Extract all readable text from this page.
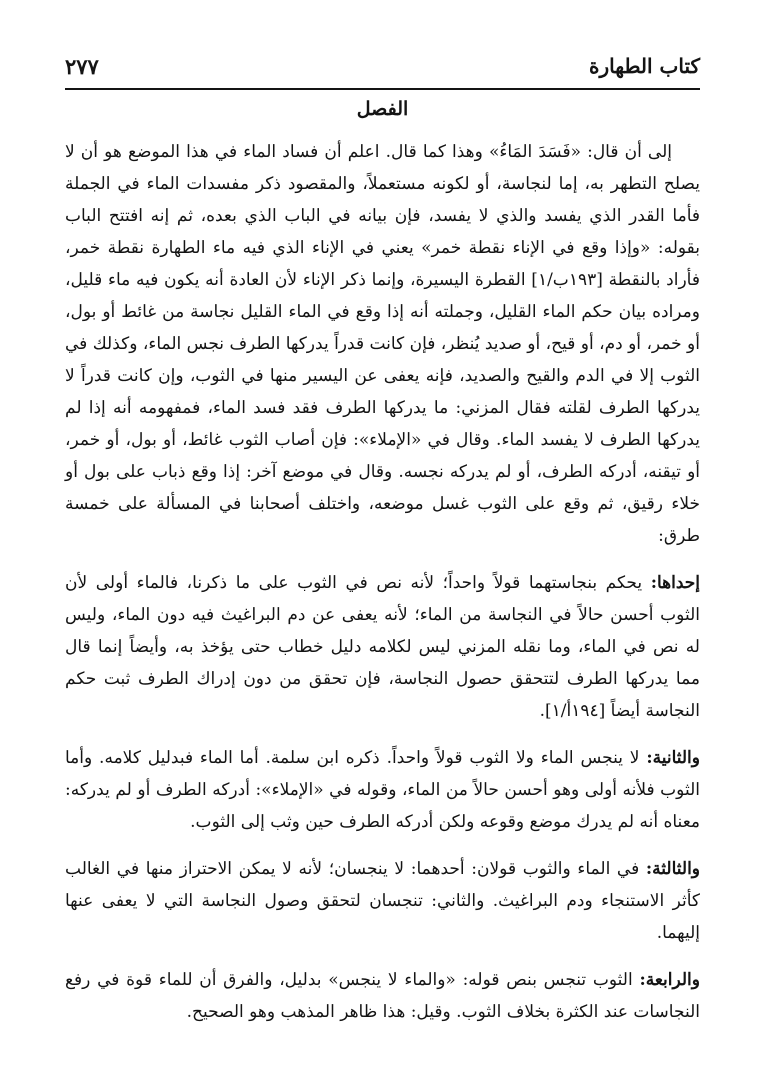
كتاب الطهارة
٢٧٧
الفصل

إلى أن قال: «فَسَدَ المَاءُ» وهذا كما قال. اعلم أن فساد الماء في هذا الموضع هو أن لا يصلح التطهر به، إما لنجاسة، أو لكونه مستعملاً، والمقصود ذكر مفسدات الماء في الجملة فأما القدر الذي يفسد والذي لا يفسد، فإن بيانه في الباب الذي بعده، ثم إنه افتتح الباب بقوله: «وإذا وقع في الإناء نقطة خمر» يعني في الإناء الذي فيه ماء الطهارة نقطة خمر، فأراد بالنقطة [١٩٣ب/١] القطرة اليسيرة، وإنما ذكر الإناء لأن العادة أنه يكون فيه ماء قليل، ومراده بيان حكم الماء القليل، وجملته أنه إذا وقع في الماء القليل نجاسة من غائط أو بول، أو خمر، أو دم، أو قيح، أو صديد يُنظر، فإن كانت قدراً يدركها الطرف نجس الماء، وكذلك في الثوب إلا في الدم والقيح والصديد، فإنه يعفى عن اليسير منها في الثوب، وإن كانت قدراً لا يدركها الطرف لقلته فقال المزني: ما يدركها الطرف فقد فسد الماء، فمفهومه أنه إذا لم يدركها الطرف لا يفسد الماء. وقال في «الإملاء»: فإن أصاب الثوب غائط، أو بول، أو خمر، أو تيقنه، أدركه الطرف، أو لم يدركه نجسه. وقال في موضع آخر: إذا وقع ذباب على بول أو خلاء رقيق، ثم وقع على الثوب غسل موضعه، واختلف أصحابنا في المسألة على خمسة طرق:

إحداها: يحكم بنجاستهما قولاً واحداً؛ لأنه نص في الثوب على ما ذكرنا، فالماء أولى لأن الثوب أحسن حالاً في النجاسة من الماء؛ لأنه يعفى عن دم البراغيث فيه دون الماء، وليس له نص في الماء، وما نقله المزني ليس لكلامه دليل خطاب حتى يؤخذ به، وأيضاً إنما قال مما يدركها الطرف لتتحقق حصول النجاسة، فإن تحقق من دون إدراك الطرف ثبت حكم النجاسة أيضاً [١٩٤أ/١].

والثانية: لا ينجس الماء ولا الثوب قولاً واحداً. ذكره ابن سلمة. أما الماء فبدليل كلامه. وأما الثوب فلأنه أولى وهو أحسن حالاً من الماء، وقوله في «الإملاء»: أدركه الطرف أو لم يدركه: معناه أنه لم يدرك موضع وقوعه ولكن أدركه الطرف حين وثب إلى الثوب.

والثالثة: في الماء والثوب قولان: أحدهما: لا ينجسان؛ لأنه لا يمكن الاحتراز منها في الغالب كأثر الاستنجاء ودم البراغيث. والثاني: تنجسان لتحقق وصول النجاسة التي لا يعفى عنها إليهما.

والرابعة: الثوب تنجس بنص قوله: «والماء لا ينجس» بدليل، والفرق أن للماء قوة في رفع النجاسات عند الكثرة بخلاف الثوب. وقيل: هذا ظاهر المذهب وهو الصحيح.
